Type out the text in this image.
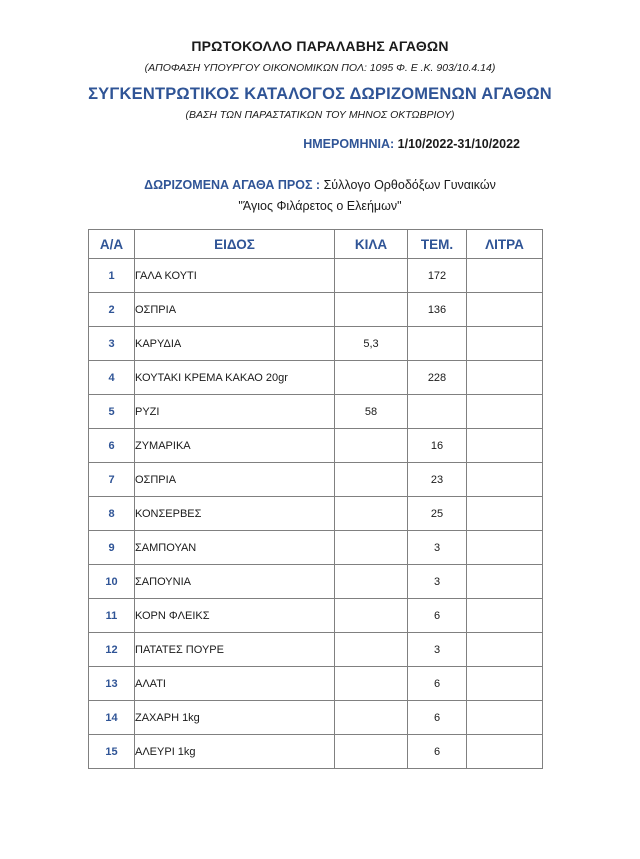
ΠΡΩΤΟΚΟΛΛΟ ΠΑΡΑΛΑΒΗΣ ΑΓΑΘΩΝ
(ΑΠΟΦΑΣΗ ΥΠΟΥΡΓΟΥ ΟΙΚΟΝΟΜΙΚΩΝ ΠΟΛ: 1095 Φ. Ε .Κ. 903/10.4.14)
ΣΥΓΚΕΝΤΡΩΤΙΚΟΣ ΚΑΤΑΛΟΓΟΣ ΔΩΡΙΖΟΜΕΝΩΝ ΑΓΑΘΩΝ
(ΒΑΣΗ ΤΩΝ ΠΑΡΑΣΤΑΤΙΚΩΝ ΤΟΥ ΜΗΝΟΣ ΟΚΤΩΒΡΙΟΥ)
ΗΜΕΡΟΜΗΝΙΑ: 1/10/2022-31/10/2022
ΔΩΡΙΖΟΜΕΝΑ ΑΓΑΘΑ ΠΡΟΣ : Σύλλογο Ορθοδόξων Γυναικών
"Άγιος Φιλάρετος ο Ελεήμων"
Α/Α	ΕΙΔΟΣ	ΚΙΛΑ	ΤΕΜ.	ΛΙΤΡΑ
1	ΓΑΛΑ ΚΟΥΤΙ		172	
2	ΟΣΠΡΙΑ		136	
3	ΚΑΡΥΔΙΑ	5,3		
4	ΚΟΥΤΑΚΙ ΚΡΕΜΑ ΚΑΚΑΟ 20gr		228	
5	ΡΥΖΙ	58		
6	ΖΥΜΑΡΙΚΑ		16	
7	ΟΣΠΡΙΑ		23	
8	ΚΟΝΣΕΡΒΕΣ		25	
9	ΣΑΜΠΟΥΑΝ		3	
10	ΣΑΠΟΥΝΙΑ		3	
11	ΚΟΡΝ ΦΛΕΙΚΣ		6	
12	ΠΑΤΑΤΕΣ ΠΟΥΡΕ		3	
13	ΑΛΑΤΙ		6	
14	ΖΑΧΑΡΗ 1kg		6	
15	ΑΛΕΥΡΙ 1kg		6	
